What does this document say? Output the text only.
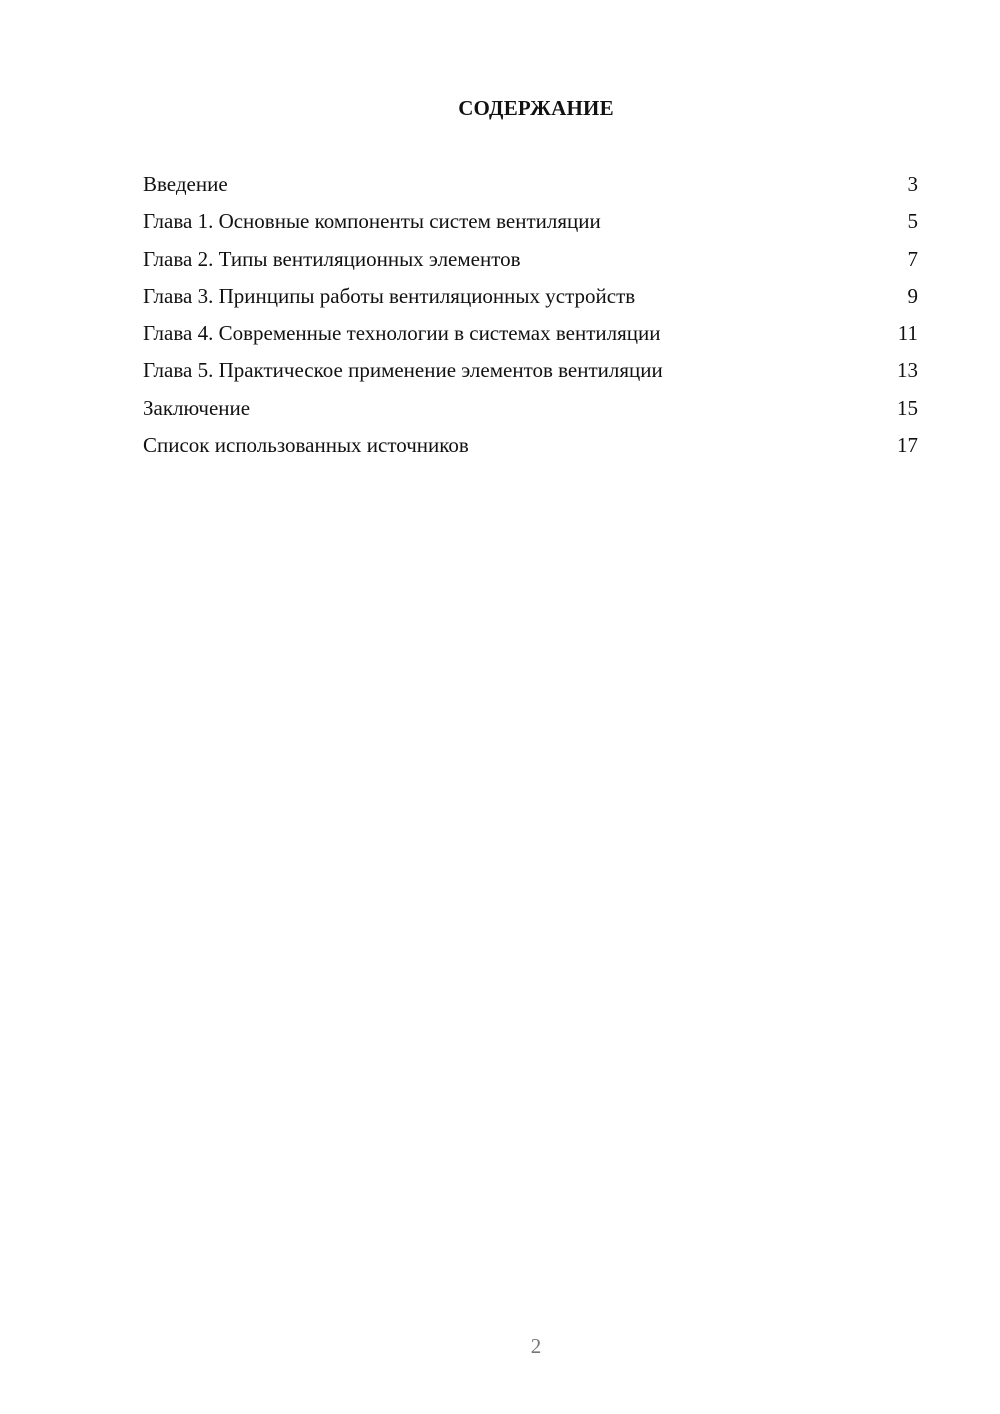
СОДЕРЖАНИЕ
Введение	3
Глава 1. Основные компоненты систем вентиляции	5
Глава 2. Типы вентиляционных элементов	7
Глава 3. Принципы работы вентиляционных устройств	9
Глава 4. Современные технологии в системах вентиляции	11
Глава 5. Практическое применение элементов вентиляции	13
Заключение	15
Список использованных источников	17
2
